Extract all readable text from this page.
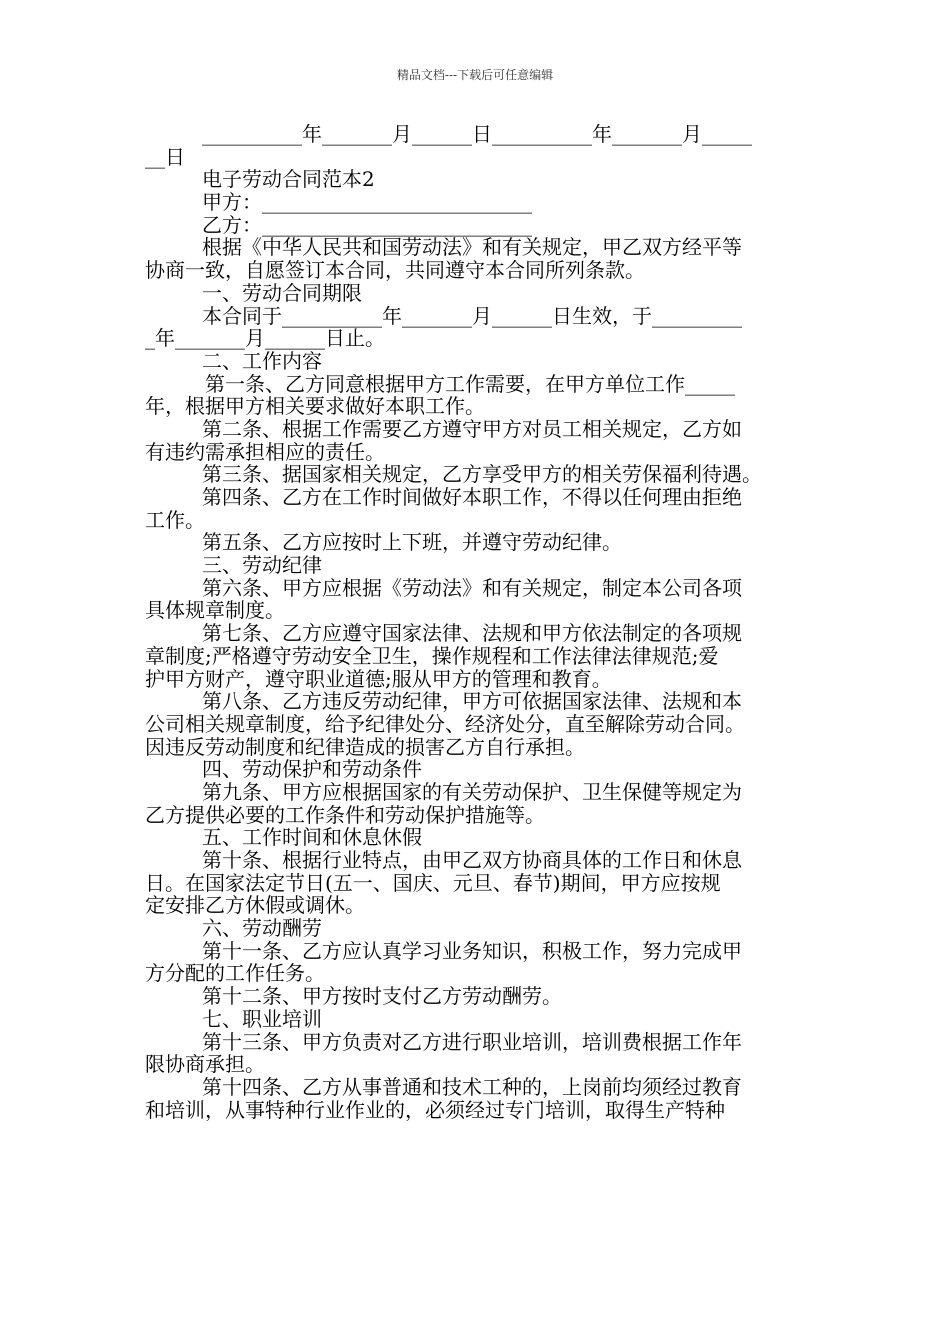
精品文档---下载后可任意编辑
__________年_______月______日__________年_______月_____
__日
电子劳动合同范本2
甲方：___________________________
乙方：___________________________
根据《中华人民共和国劳动法》和有关规定，甲乙双方经平等
协商一致，自愿签订本合同，共同遵守本合同所列条款。
一、劳动合同期限
本合同于__________年_______月______日生效，于_________
_年_______月______日止。
二、工作内容
第一条、乙方同意根据甲方工作需要，在甲方单位工作_____
年，根据甲方相关要求做好本职工作。
第二条、根据工作需要乙方遵守甲方对员工相关规定，乙方如
有违约需承担相应的责任。
第三条、据国家相关规定，乙方享受甲方的相关劳保福利待遇。
第四条、乙方在工作时间做好本职工作，不得以任何理由拒绝
工作。
第五条、乙方应按时上下班，并遵守劳动纪律。
三、劳动纪律
第六条、甲方应根据《劳动法》和有关规定，制定本公司各项
具体规章制度。
第七条、乙方应遵守国家法律、法规和甲方依法制定的各项规
章制度;严格遵守劳动安全卫生，操作规程和工作法律法律规范;爱
护甲方财产，遵守职业道德;服从甲方的管理和教育。
第八条、乙方违反劳动纪律，甲方可依据国家法律、法规和本
公司相关规章制度，给予纪律处分、经济处分，直至解除劳动合同。
因违反劳动制度和纪律造成的损害乙方自行承担。
四、劳动保护和劳动条件
第九条、甲方应根据国家的有关劳动保护、卫生保健等规定为
乙方提供必要的工作条件和劳动保护措施等。
五、工作时间和休息休假
第十条、根据行业特点，由甲乙双方协商具体的工作日和休息
日。在国家法定节日(五一、国庆、元旦、春节)期间，甲方应按规
定安排乙方休假或调休。
六、劳动酬劳
第十一条、乙方应认真学习业务知识，积极工作，努力完成甲
方分配的工作任务。
第十二条、甲方按时支付乙方劳动酬劳。
七、职业培训
第十三条、甲方负责对乙方进行职业培训，培训费根据工作年
限协商承担。
第十四条、乙方从事普通和技术工种的，上岗前均须经过教育
和培训，从事特种行业作业的，必须经过专门培训，取得生产特种
